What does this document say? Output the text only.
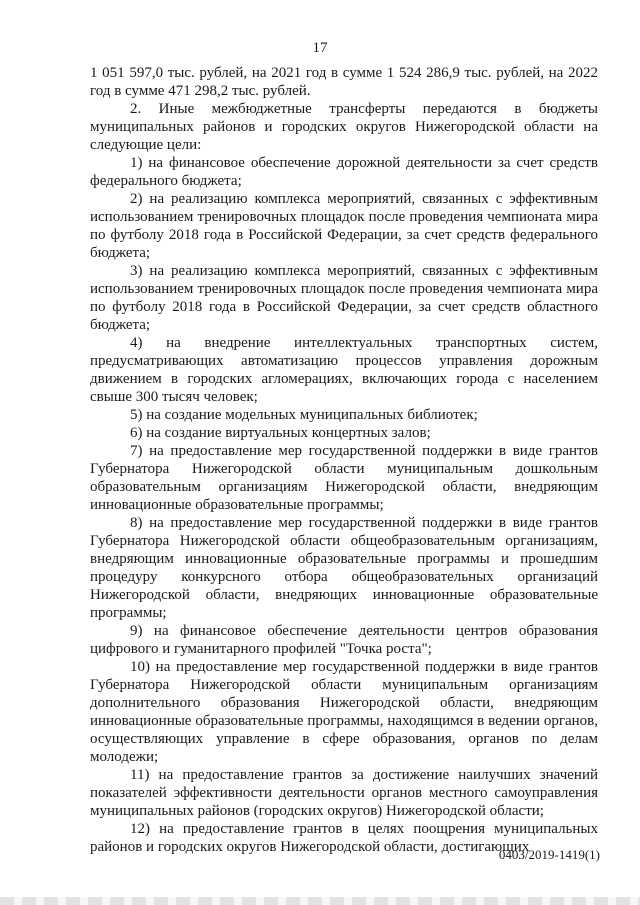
17

1 051 597,0 тыс. рублей, на 2021 год в сумме 1 524 286,9 тыс. рублей, на 2022 год в сумме 471 298,2 тыс. рублей.

2. Иные межбюджетные трансферты передаются в бюджеты муниципальных районов и городских округов Нижегородской области на следующие цели:

1) на финансовое обеспечение дорожной деятельности за счет средств федерального бюджета;

2) на реализацию комплекса мероприятий, связанных с эффективным использованием тренировочных площадок после проведения чемпионата мира по футболу 2018 года в Российской Федерации, за счет средств федерального бюджета;

3) на реализацию комплекса мероприятий, связанных с эффективным использованием тренировочных площадок после проведения чемпионата мира по футболу 2018 года в Российской Федерации, за счет средств областного бюджета;

4) на внедрение интеллектуальных транспортных систем, предусматривающих автоматизацию процессов управления дорожным движением в городских агломерациях, включающих города с населением свыше 300 тысяч человек;

5) на создание модельных муниципальных библиотек;

6) на создание виртуальных концертных залов;

7) на предоставление мер государственной поддержки в виде грантов Губернатора Нижегородской области муниципальным дошкольным образовательным организациям Нижегородской области, внедряющим инновационные образовательные программы;

8) на предоставление мер государственной поддержки в виде грантов Губернатора Нижегородской области общеобразовательным организациям, внедряющим инновационные образовательные программы и прошедшим процедуру конкурсного отбора общеобразовательных организаций Нижегородской области, внедряющих инновационные образовательные программы;

9) на финансовое обеспечение деятельности центров образования цифрового и гуманитарного профилей "Точка роста";

10) на предоставление мер государственной поддержки в виде грантов Губернатора Нижегородской области муниципальным организациям дополнительного образования Нижегородской области, внедряющим инновационные образовательные программы, находящимся в ведении органов, осуществляющих управление в сфере образования, органов по делам молодежи;

11) на предоставление грантов за достижение наилучших значений показателей эффективности деятельности органов местного самоуправления муниципальных районов (городских округов) Нижегородской области;

12) на предоставление грантов в целях поощрения муниципальных районов и городских округов Нижегородской области, достигающих

0403/2019-1419(1)
